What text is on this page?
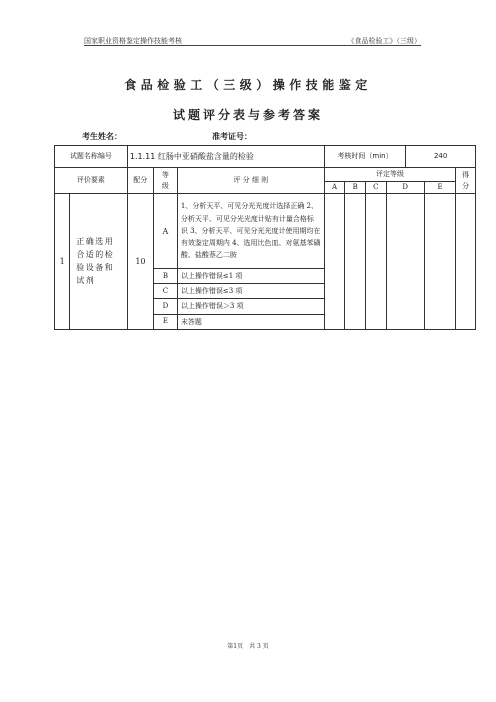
国家职业资格鉴定操作技能考核	《食品检验工》（三级）
食品检验工（三级）操作技能鉴定
试题评分表与参考答案
考生姓名：	准考证号：
试题名称编号		1.1.11 红肠中亚硝酸盐含量的检验			考核时间（min）				240		
评价要素		配分	等级	评 分 细 则	评定等级						得分
					A	B	C	D		E	
1	正确选用合适的检验设备和试剂	10	A	1、分析天平、可见分光光度计选择正确 2、分析天平、可见分光光度计贴有计量合格标识 3、分析天平、可见分光光度计使用期均在有效鉴定周期内 4、选用比色皿、对氨基苯磺酸、盐酸萘乙二胺							
			B	以上操作错误≤1 项							
			C	以上操作错误≤3 项							
			D	以上操作错误＞3 项							
			E	未答题							
第1页　共 3 页
